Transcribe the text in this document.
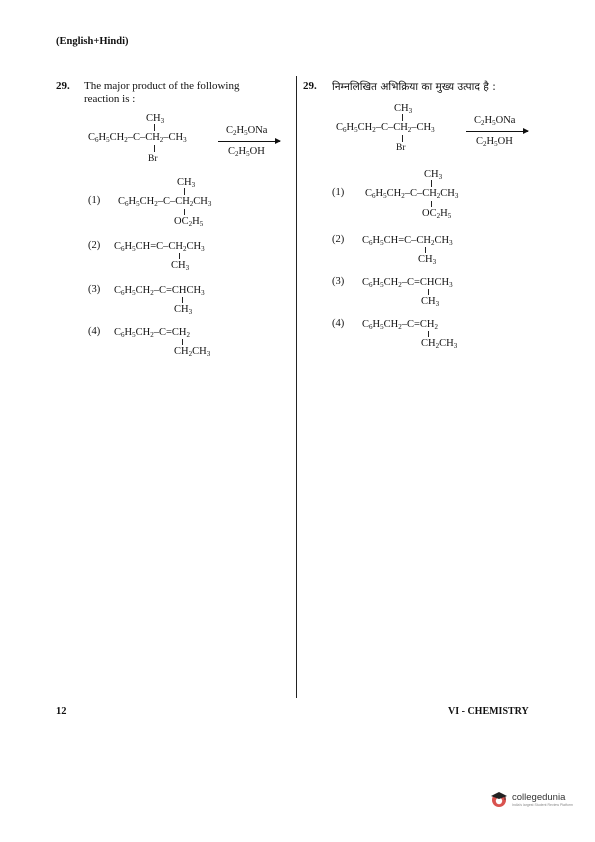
(English+Hindi)
29. The major product of the following
reaction is :
$CH_3$
$C_6H_5CH_2-C-CH_2-CH_3$
Br
$C_2H_5ONa$
$C_2H_5OH$
(1)
$CH_3$
$C_6H_5CH_2-C-CH_2CH_3$
$OC_2H_5$
(2) $C_6H_5CH=C-CH_2CH_3$
$CH_3$
(3) $C_6H_5CH_2-C=CHCH_3$
$CH_3$
(4) $C_6H_5CH_2-C=CH_2$
$CH_2CH_3$
29. निम्नलिखित अभिक्रिया का मुख्य उत्पाद है :
$CH_3$
$C_6H_5CH_2-C-CH_2-CH_3$
Br
$C_2H_5ONa$
$C_2H_5OH$
(1)
$CH_3$
$C_6H_5CH_2-C-CH_2CH_3$
$OC_2H_5$
(2) $C_6H_5CH=C-CH_2CH_3$
$CH_3$
(3) $C_6H_5CH_2-C=CHCH_3$
$CH_3$
(4) $C_6H_5CH_2-C=CH_2$
$CH_2CH_3$
12	VI - CHEMISTRY
collegedunia
India's largest Student Review Platform
